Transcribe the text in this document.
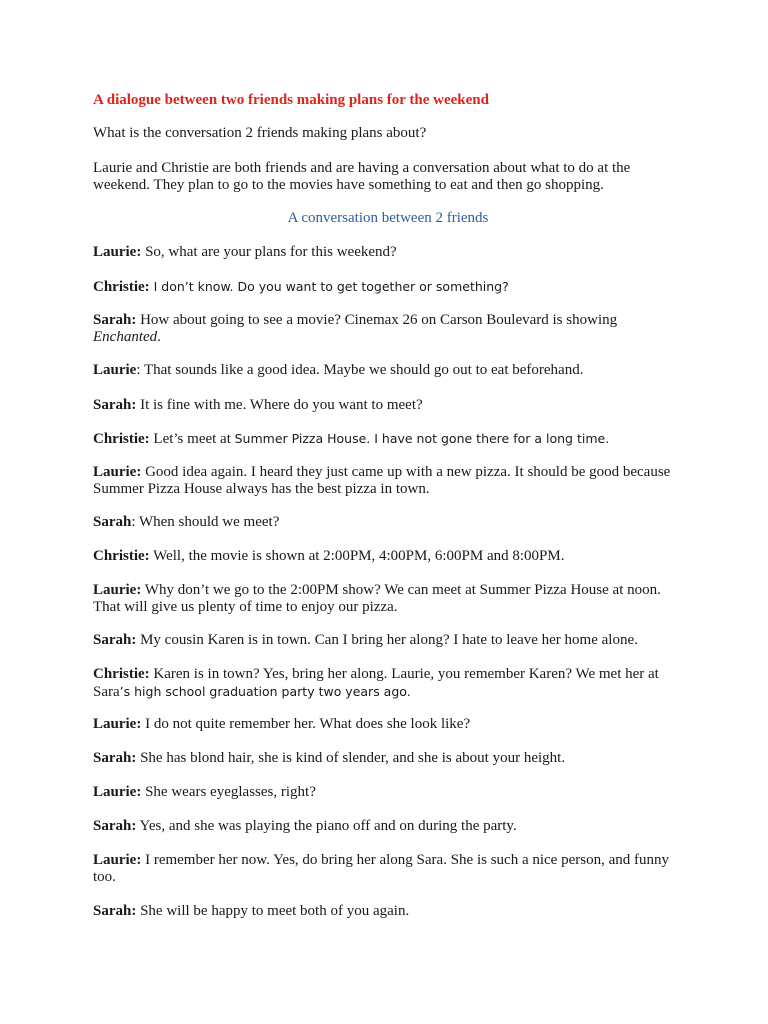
A dialogue between two friends making plans for the weekend
What is the conversation 2 friends making plans about?
Laurie and Christie are both friends and are having a conversation about what to do at the weekend. They plan to go to the movies have something to eat and then go shopping.
A conversation between 2 friends
Laurie: So, what are your plans for this weekend?
Christie: I don’t know. Do you want to get together or something?
Sarah: How about going to see a movie? Cinemax 26 on Carson Boulevard is showing Enchanted.
Laurie: That sounds like a good idea. Maybe we should go out to eat beforehand.
Sarah: It is fine with me. Where do you want to meet?
Christie: Let’s meet at Summer Pizza House. I have not gone there for a long time.
Laurie: Good idea again. I heard they just came up with a new pizza. It should be good because Summer Pizza House always has the best pizza in town.
Sarah: When should we meet?
Christie: Well, the movie is shown at 2:00PM, 4:00PM, 6:00PM and 8:00PM.
Laurie: Why don’t we go to the 2:00PM show? We can meet at Summer Pizza House at noon. That will give us plenty of time to enjoy our pizza.
Sarah: My cousin Karen is in town. Can I bring her along? I hate to leave her home alone.
Christie: Karen is in town? Yes, bring her along. Laurie, you remember Karen? We met her at Sara’s high school graduation party two years ago.
Laurie: I do not quite remember her. What does she look like?
Sarah: She has blond hair, she is kind of slender, and she is about your height.
Laurie: She wears eyeglasses, right?
Sarah: Yes, and she was playing the piano off and on during the party.
Laurie: I remember her now. Yes, do bring her along Sara. She is such a nice person, and funny too.
Sarah: She will be happy to meet both of you again.
